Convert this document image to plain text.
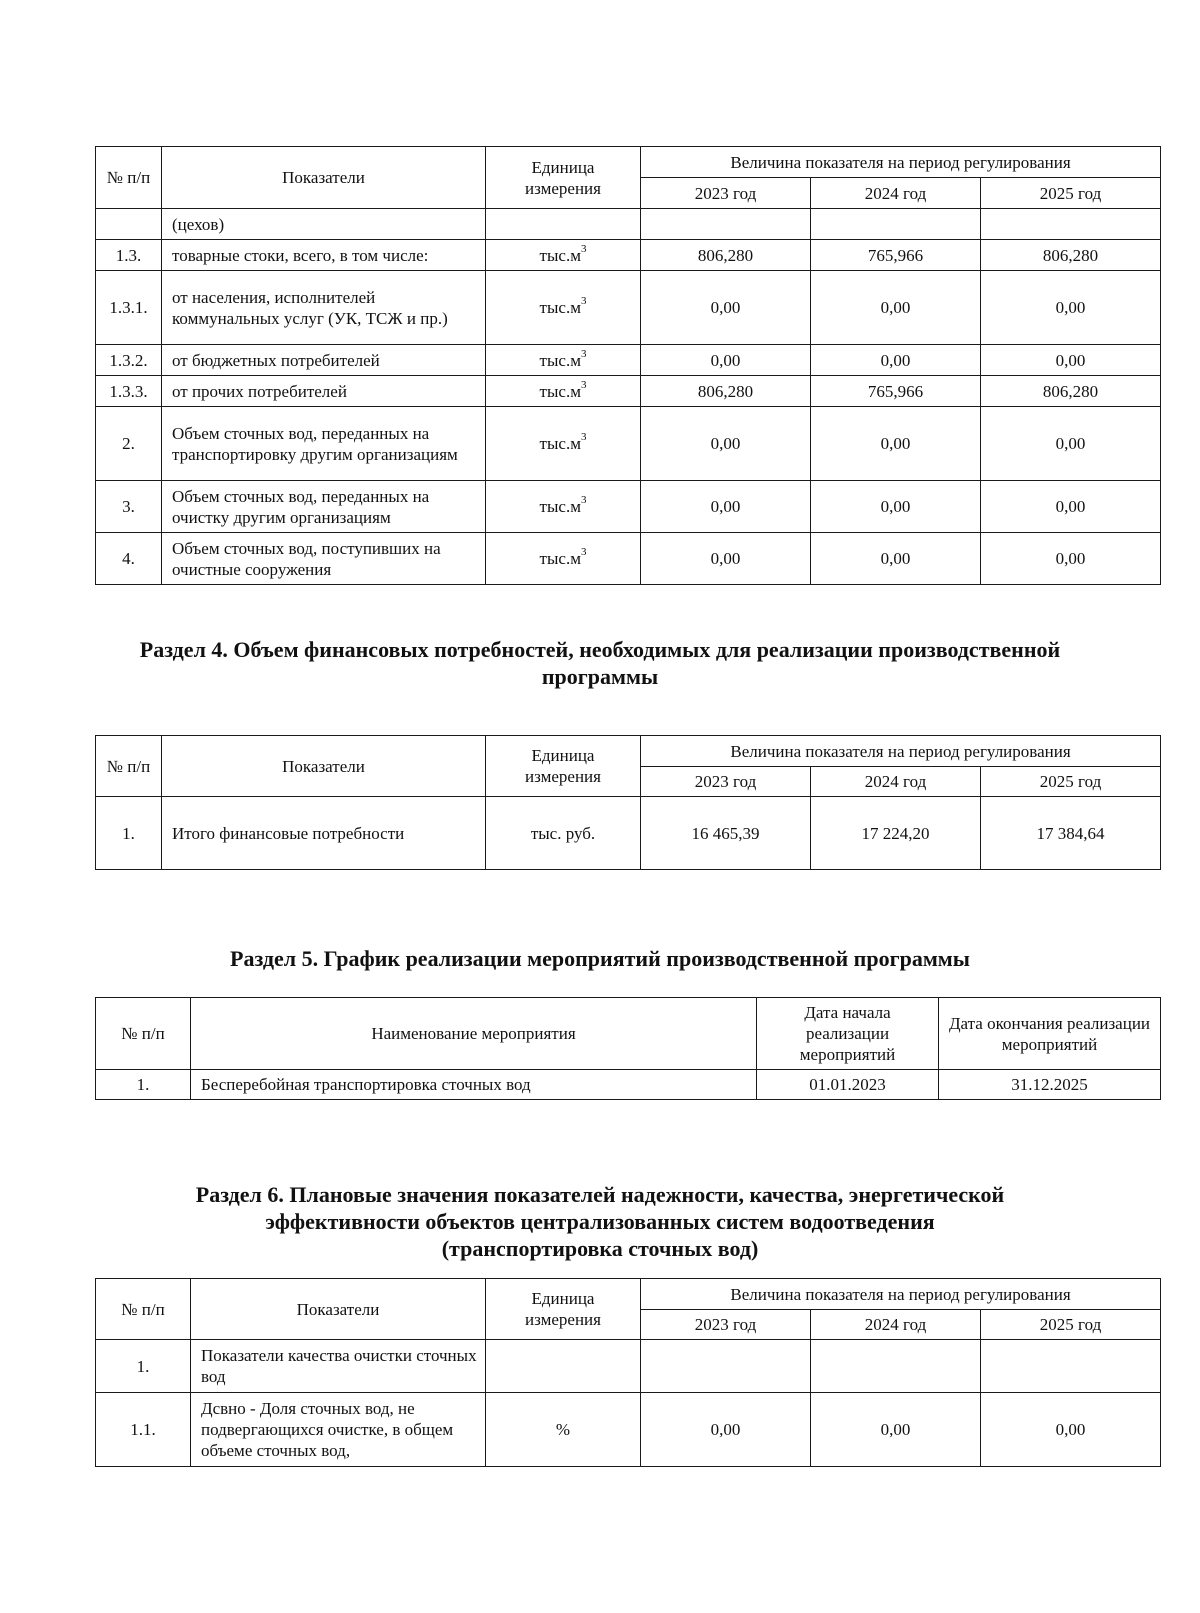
№ п/п	Показатели	Единица измерения	Величина показателя на период регулирования		
			2023 год	2024 год	2025 год
	(цехов)				
1.3.	товарные стоки, всего, в том числе:	$тыс.м^3$	806,280	765,966	806,280
1.3.1.	от населения, исполнителей коммунальных услуг (УК, ТСЖ и пр.)	$тыс.м^3$	0,00	0,00	0,00
1.3.2.	от бюджетных потребителей	$тыс.м^3$	0,00	0,00	0,00
1.3.3.	от прочих потребителей	$тыс.м^3$	806,280	765,966	806,280
2.	Объем сточных вод, переданных на транспортировку другим организациям	$тыс.м^3$	0,00	0,00	0,00
3.	Объем сточных вод, переданных на очистку другим организациям	$тыс.м^3$	0,00	0,00	0,00
4.	Объем сточных вод, поступивших на очистные сооружения	$тыс.м^3$	0,00	0,00	0,00
Раздел 4. Объем финансовых потребностей, необходимых для реализации производственной
программы
№ п/п	Показатели	Единица измерения	Величина показателя на период регулирования		
			2023 год	2024 год	2025 год
1.	Итого финансовые потребности	тыс. руб.	16 465,39	17 224,20	17 384,64
Раздел 5. График реализации мероприятий производственной программы
№ п/п	Наименование мероприятия	Дата начала реализации мероприятий	Дата окончания реализации мероприятий
1.	Бесперебойная транспортировка сточных вод	01.01.2023	31.12.2025
Раздел 6. Плановые значения показателей надежности, качества, энергетической
эффективности объектов централизованных систем водоотведения
(транспортировка сточных вод)
№ п/п	Показатели	Единица измерения	Величина показателя на период регулирования		
			2023 год	2024 год	2025 год
1.	Показатели качества очистки сточных вод				
1.1.	Дсвно - Доля сточных вод, не подвергающихся очистке, в общем объеме сточных вод,	%	0,00	0,00	0,00
